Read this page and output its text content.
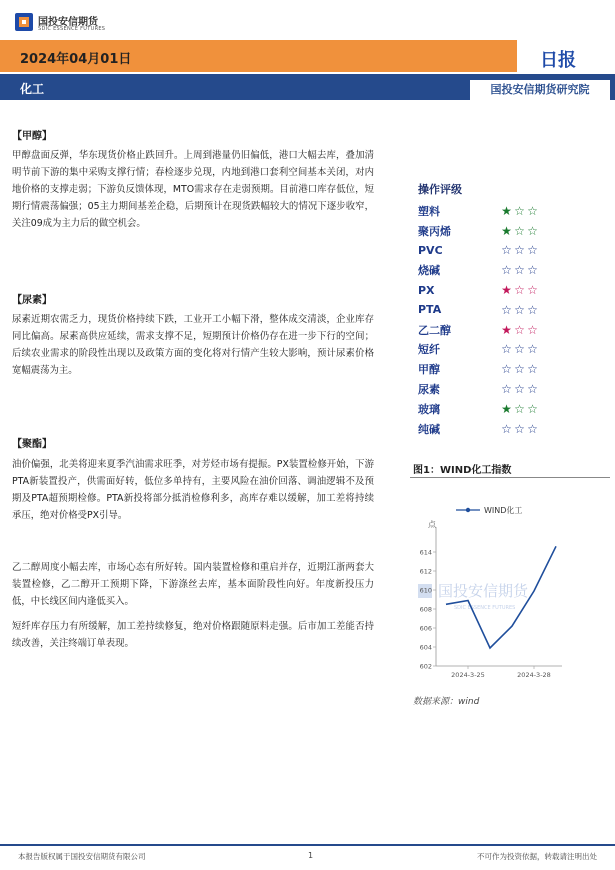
国投安信期货
SDIC ESSENCE FUTURES
2024年04月01日	日报
化工	国投安信期货研究院
【甲醇】

甲醇盘面反弹，华东现货价格止跌回升。上周到港量仍旧偏低，港口大幅去库，叠加清明节前下游的集中采购支撑行情；春检逐步兑现，内地到港口套利空间基本关闭，对内地价格的支撑走弱；下游负反馈体现，MTO需求存在走弱预期。目前港口库存低位，短期行情震荡偏强；05主力期间基差企稳，后期预计在现货跌幅较大的情况下逐步收窄，关注09成为主力后的做空机会。

【尿素】

尿素近期农需乏力，现货价格持续下跌，工业开工小幅下滑，整体成交清淡，企业库存同比偏高。尿素高供应延续，需求支撑不足，短期预计价格仍存在进一步下行的空间；后续农业需求的阶段性出现以及政策方面的变化将对行情产生较大影响，预计尿素价格宽幅震荡为主。

【聚酯】

油价偏强，北美将迎来夏季汽油需求旺季，对芳烃市场有提振。PX装置检修开始，下游PTA新装置投产，供需面好转，低位多单持有，主要风险在油价回落、调油逻辑不及预期及PTA超预期检修。PTA新投将部分抵消检修利多，高库存难以缓解，加工差将持续承压，绝对价格受PX引导。

乙二醇周度小幅去库，市场心态有所好转。国内装置检修和重启并存，近期江浙两套大装置检修，乙二醇开工预期下降，下游涤丝去库，基本面阶段性向好。年度新投压力低，中长线区间内逢低买入。

短纤库存压力有所缓解，加工差持续修复，绝对价格跟随原料走强。后市加工差能否持续改善，关注终端订单表现。

操作评级
塑料	★ ☆ ☆
聚丙烯	★ ☆ ☆
PVC	☆ ☆ ☆
烧碱	☆ ☆ ☆
PX	★ ☆ ☆
PTA	☆ ☆ ☆
乙二醇	★ ☆ ☆
短纤	☆ ☆ ☆
甲醇	☆ ☆ ☆
尿素	☆ ☆ ☆
玻璃	★ ☆ ☆
纯碱	☆ ☆ ☆
图1：WIND化工指数
国投安信期货
SDIC ESSENCE FUTURES
WIND化工
点
602
604
606
608
610
612
614
2024-3-25	2024-3-28
数据来源：wind
本报告版权属于国投安信期货有限公司	1	不可作为投资依据，转载请注明出处
